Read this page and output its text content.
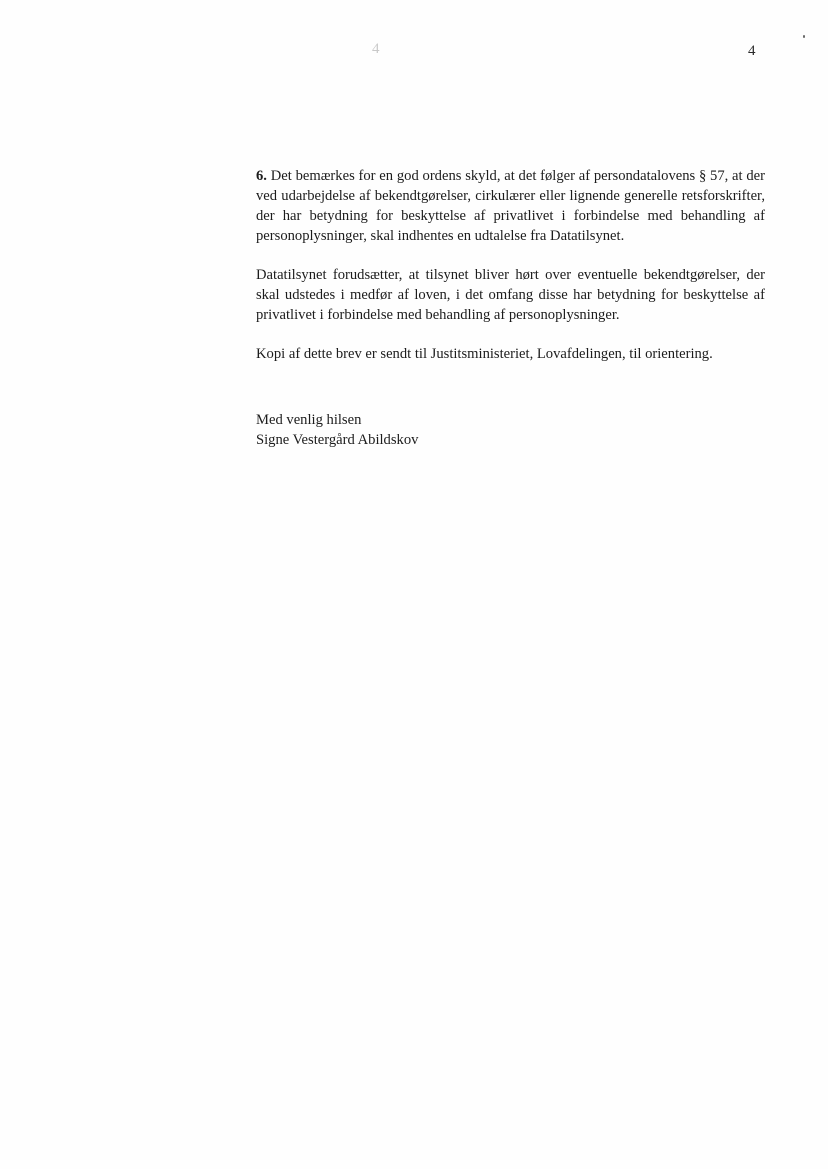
4	4

6. Det bemærkes for en god ordens skyld, at det følger af persondatalovens § 57, at der ved udarbejdelse af bekendtgørelser, cirkulærer eller lignende generelle retsforskrifter, der har betydning for beskyttelse af privatlivet i forbindelse med behandling af personoplysninger, skal indhentes en udtalelse fra Datatilsynet.

Datatilsynet forudsætter, at tilsynet bliver hørt over eventuelle bekendtgørelser, der skal udstedes i medfør af loven, i det omfang disse har betydning for beskyttelse af privatlivet i forbindelse med behandling af personoplysninger.

Kopi af dette brev er sendt til Justitsministeriet, Lovafdelingen, til orientering.

Med venlig hilsen
Signe Vestergård Abildskov
